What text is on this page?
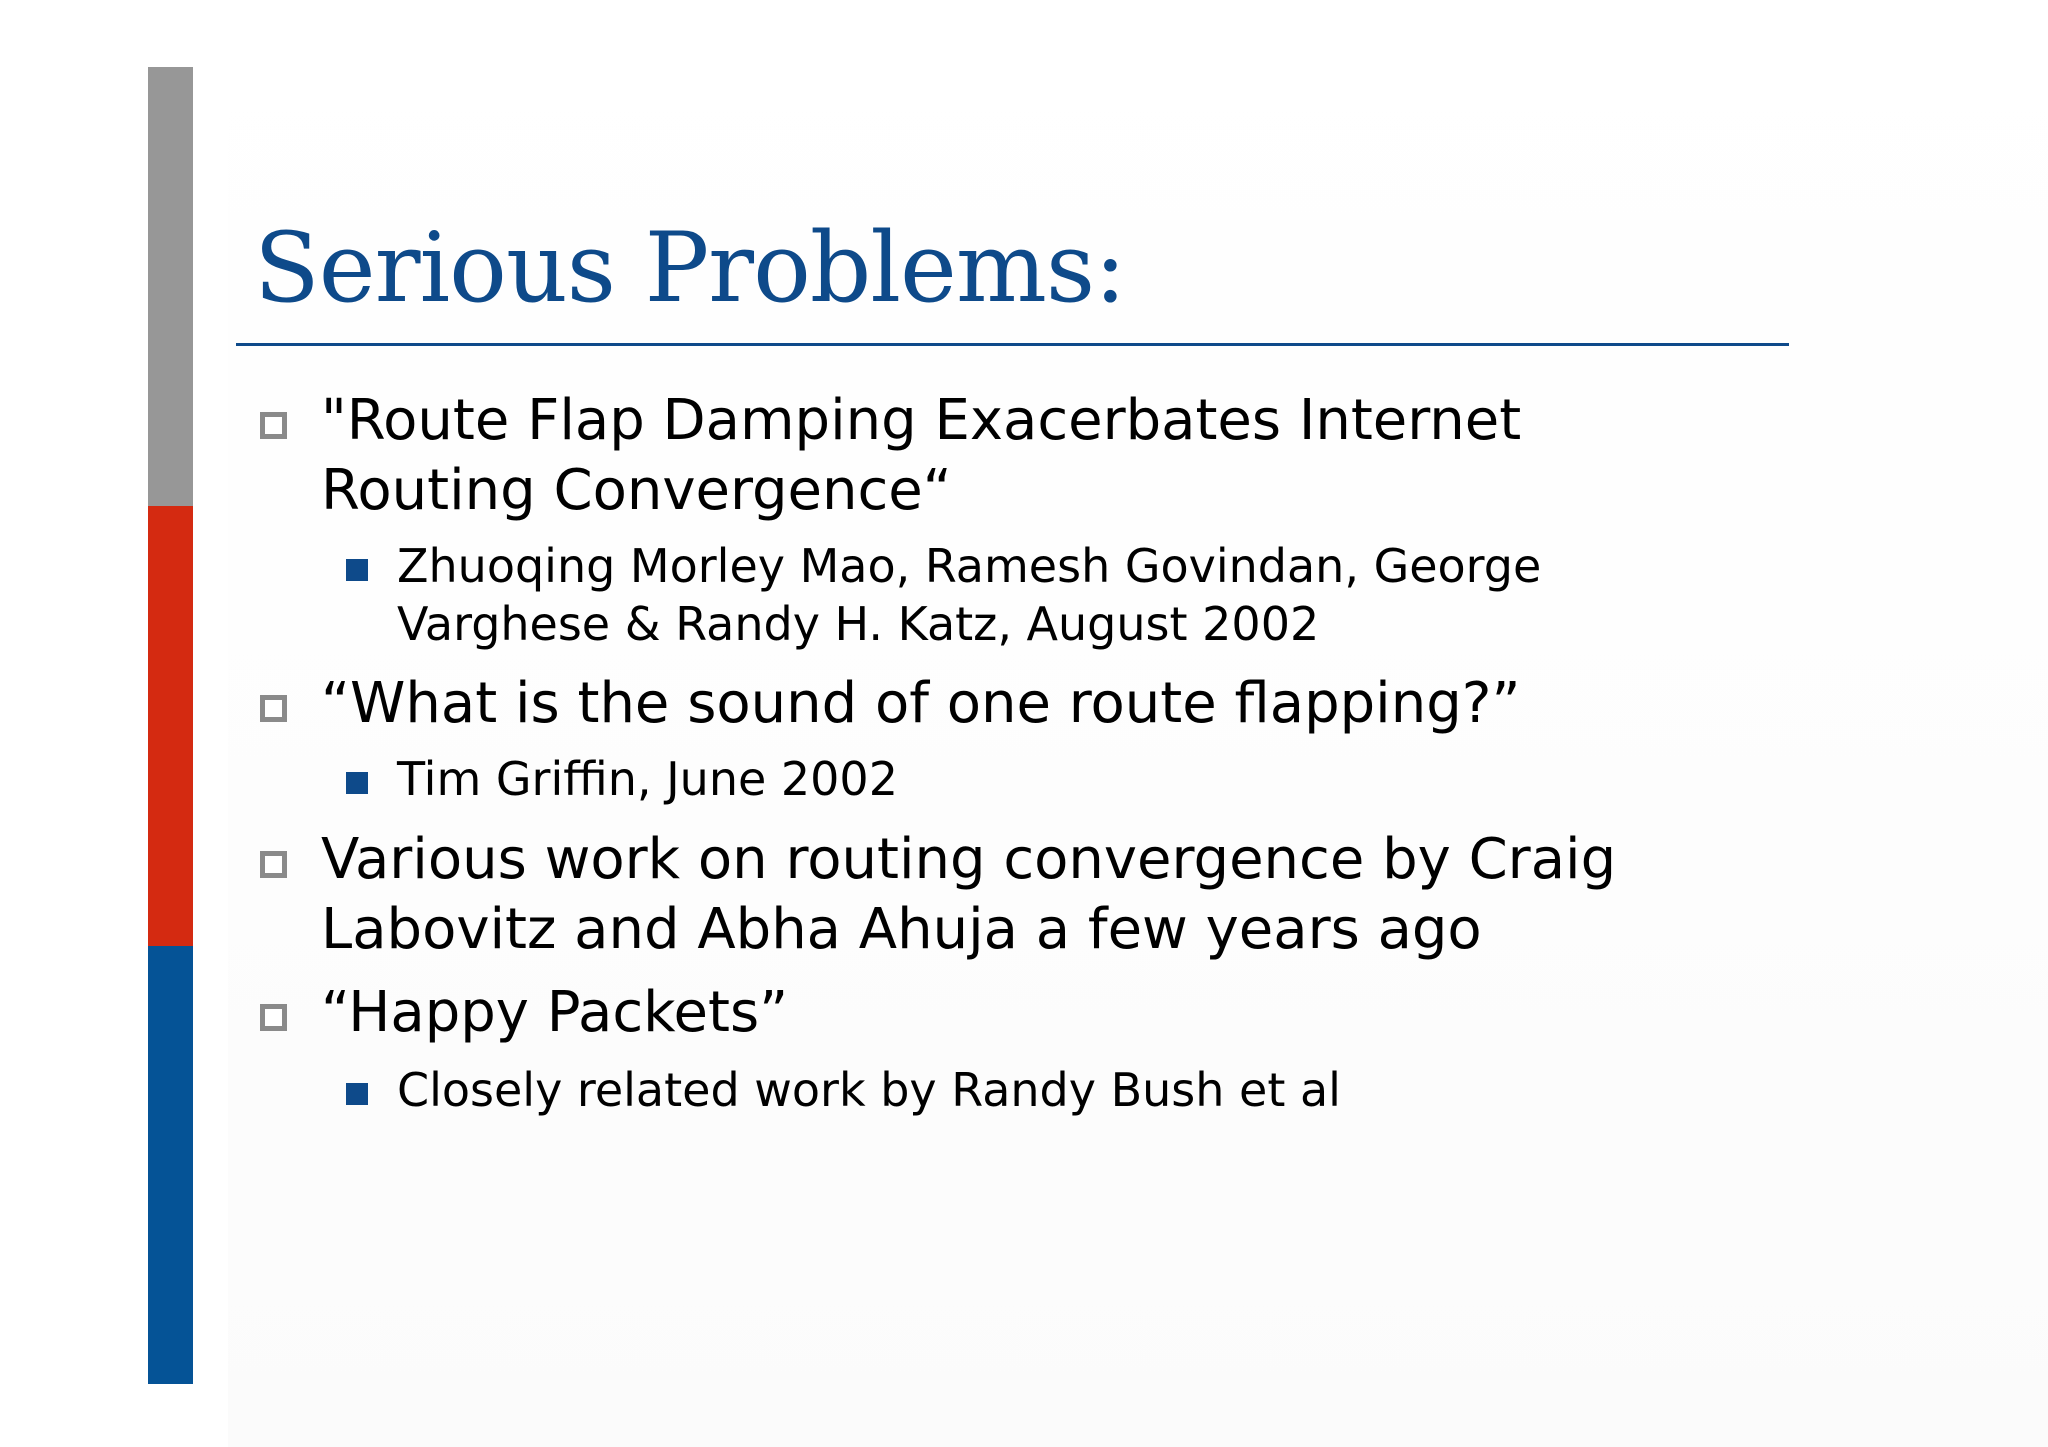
Serious Problems:
"Route Flap Damping Exacerbates Internet
Routing Convergence“
Zhuoqing Morley Mao, Ramesh Govindan, George
Varghese & Randy H. Katz, August 2002
“What is the sound of one route flapping?”
Tim Griffin, June 2002
Various work on routing convergence by Craig
Labovitz and Abha Ahuja a few years ago
“Happy Packets”
Closely related work by Randy Bush et al
